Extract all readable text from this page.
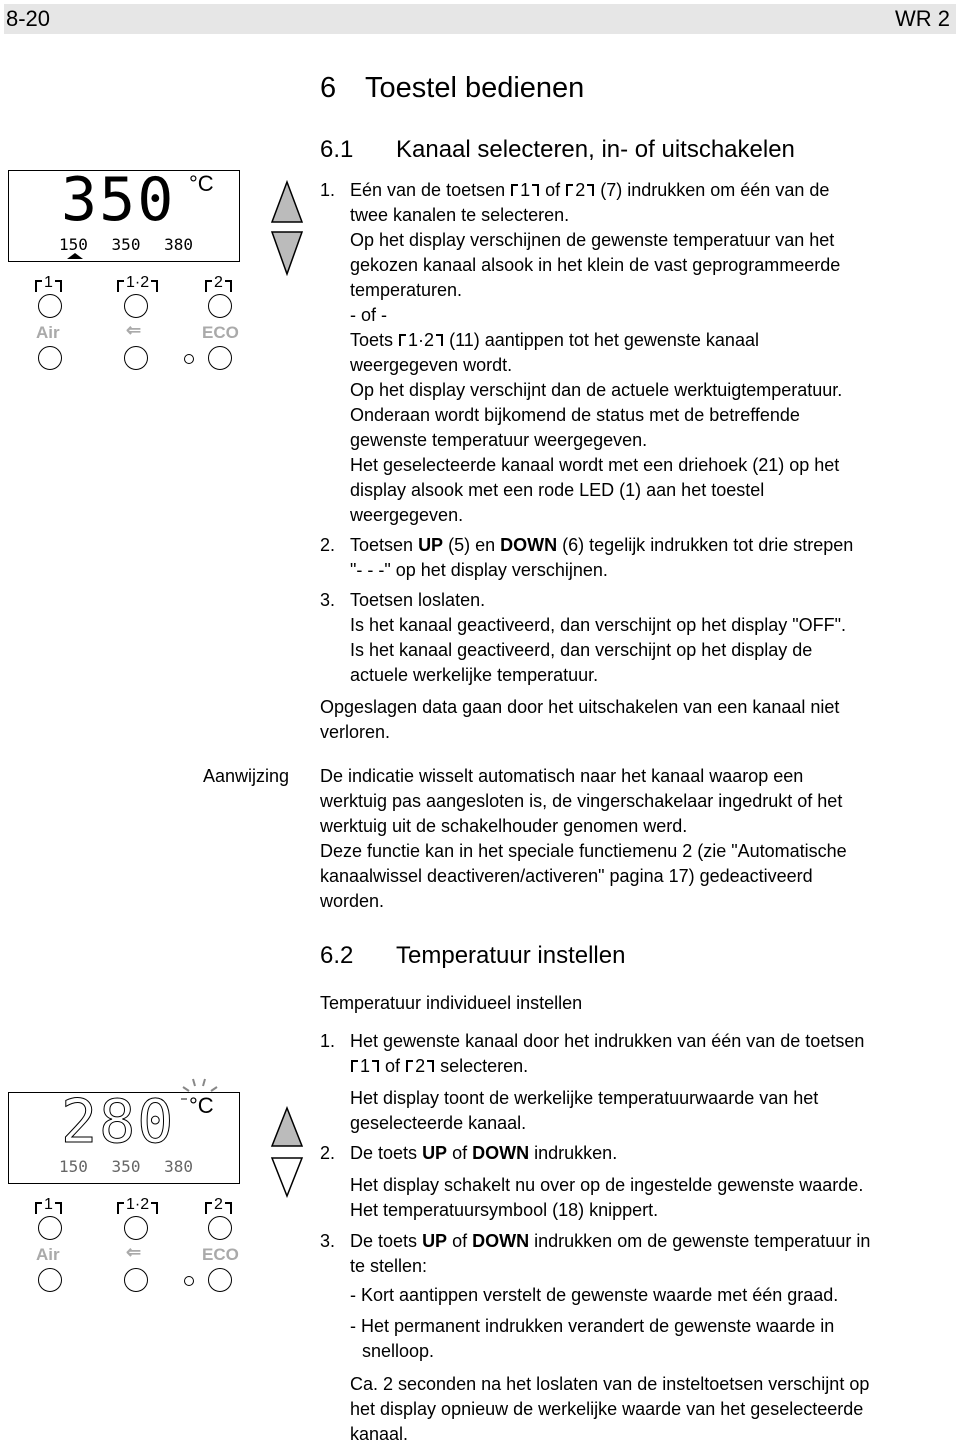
8-20	WR 2
6 Toestel bedienen
6.1 Kanaal selecteren, in- of uitschakelen
1. Eén van de toetsen 1 of 2 (7) indrukken om één van de
twee kanalen te selecteren.
Op het display verschijnen de gewenste temperatuur van het
gekozen kanaal alsook in het klein de vast geprogrammeerde
temperaturen.
- of -
Toets 1·2 (11) aantippen tot het gewenste kanaal
weergegeven wordt.
Op het display verschijnt dan de actuele werktuigtemperatuur.
Onderaan wordt bijkomend de status met de betreffende
gewenste temperatuur weergegeven.
Het geselecteerde kanaal wordt met een driehoek (21) op het
display alsook met een rode LED (1) aan het toestel
weergegeven.
2. Toetsen UP (5) en DOWN (6) tegelijk indrukken tot drie strepen
"- - -" op het display verschijnen.
3. Toetsen loslaten.
Is het kanaal geactiveerd, dan verschijnt op het display "OFF".
Is het kanaal geactiveerd, dan verschijnt op het display de
actuele werkelijke temperatuur.
Opgeslagen data gaan door het uitschakelen van een kanaal niet
verloren.
Aanwijzing De indicatie wisselt automatisch naar het kanaal waarop een
werktuig pas aangesloten is, de vingerschakelaar ingedrukt of het
werktuig uit de schakelhouder genomen werd.
Deze functie kan in het speciale functiemenu 2 (zie "Automatische
kanaalwissel deactiveren/activeren" pagina 17) gedeactiveerd
worden.
6.2 Temperatuur instellen
Temperatuur individueel instellen
1. Het gewenste kanaal door het indrukken van één van de toetsen
1 of 2 selecteren.
Het display toont de werkelijke temperatuurwaarde van het
geselecteerde kanaal.
2. De toets UP of DOWN indrukken.
Het display schakelt nu over op de ingestelde gewenste waarde.
Het temperatuursymbool (18) knippert.
3. De toets UP of DOWN indrukken om de gewenste temperatuur in
te stellen:
- Kort aantippen verstelt de gewenste waarde met één graad.
- Het permanent indrukken verandert de gewenste waarde in
snelloop.
Ca. 2 seconden na het loslaten van de insteltoetsen verschijnt op
het display opnieuw de werkelijke waarde van het geselecteerde
kanaal.
350 °C
150 350 380
1	1·2	2
Air	⇐	ECO
280 °C
150 350 380
1	1·2	2
Air	⇐	ECO
